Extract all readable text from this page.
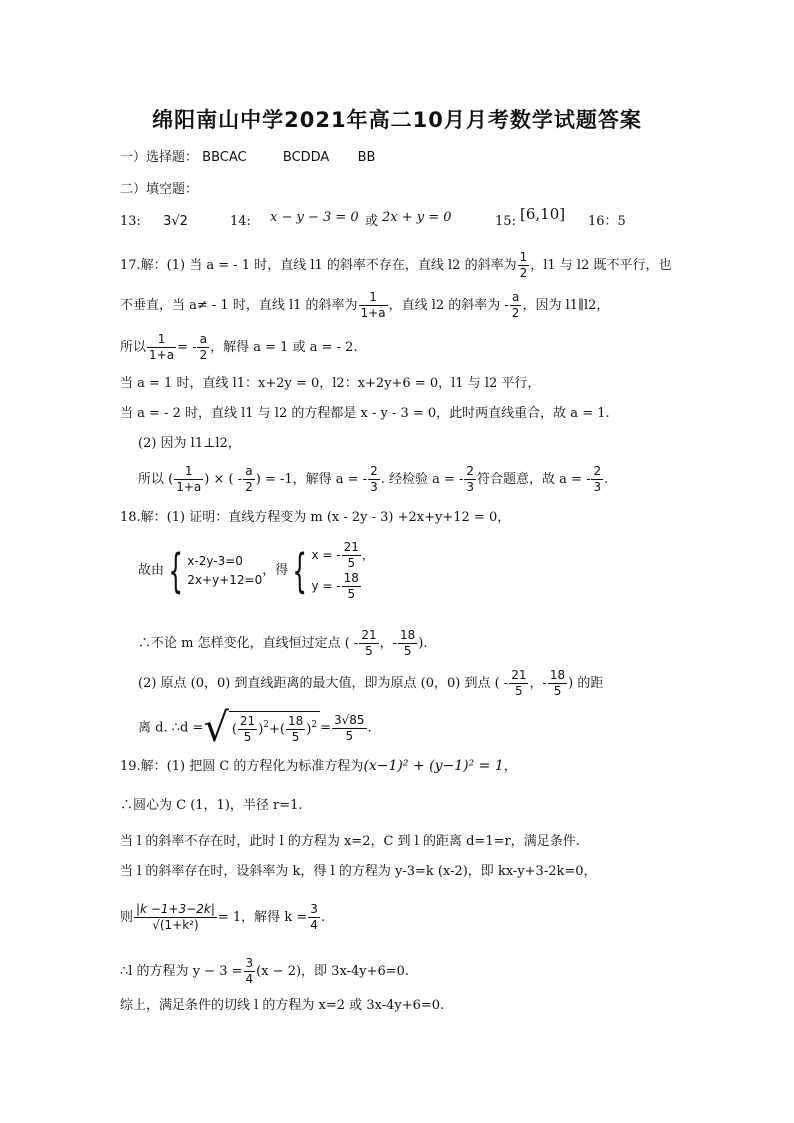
绵阳南山中学2021年高二10月月考数学试题答案
一）选择题： BBCAC	BCDDA BB
二）填空题：
13: 3√2	14: x − y − 3 = 0 或 2x + y = 0	15: [6,10] 16：5
17.解：(1) 当 a = - 1 时，直线 l1 的斜率不存在，直线 l2 的斜率为 $\frac{1}{2}$ ，l1 与 l2 既不平行，也
不垂直，当 a≠ - 1 时，直线 l1 的斜率为 $\frac{1}{1+a}$ ，直线 l2 的斜率为 - $\frac{a}{2}$ ，因为 l1∥l2，
所以 $\frac{1}{1+a}$ = - $\frac{a}{2}$ ，解得 a = 1 或 a = - 2.
当 a = 1 时，直线 l1：x+2y = 0，l2：x+2y+6 = 0，l1 与 l2 平行，
当 a = - 2 时，直线 l1 与 l2 的方程都是 x - y - 3 = 0，此时两直线重合，故 a = 1.
(2) 因为 l1⊥l2，
所以 ( $\frac{1}{1+a}$ ) × ( - $\frac{a}{2}$ ) = -1，解得 a = - $\frac{2}{3}$ . 经检验 a = - $\frac{2}{3}$ 符合题意，故 a = - $\frac{2}{3}$ .
18.解：(1) 证明：直线方程变为 m (x - 2y - 3) +2x+y+12 = 0，
故由{ x-2y-3=0
2x+y+12=0
，得{ x = - $\frac{21}{5}$ ，
y = - $\frac{18}{5}$
∴不论 m 怎样变化，直线恒过定点 ( - $\frac{21}{5}$ ，- $\frac{18}{5}$ ).
(2) 原点 (0，0) 到直线距离的最大值，即为原点 (0，0) 到点 ( - $\frac{21}{5}$ ，- $\frac{18}{5}$ ) 的距
离 d. ∴d =√ ( $\frac{21}{5} )^2+( \frac{18}{5} )^2 = \frac{3√85}{5}$ .
19.解：(1) 把圆 C 的方程化为标准方程为(x−1)² + (y−1)² = 1，
∴圆心为 C (1，1)，半径 r=1.
当 l 的斜率不存在时，此时 l 的方程为 x=2，C 到 l 的距离 d=1=r，满足条件.
当 l 的斜率存在时，设斜率为 k，得 l 的方程为 y-3=k (x-2)，即 kx-y+3-2k=0，
则 $\frac{|k -1+3-2k|}{\text{√(1+k²)}} = 1$，解得 $k = \frac{3}{4}$ .
∴l 的方程为 $y - 3 = \frac{3}{4} (x - 2)$，即 3x-4y+6=0.
综上，满足条件的切线 l 的方程为 x=2 或 3x-4y+6=0.
